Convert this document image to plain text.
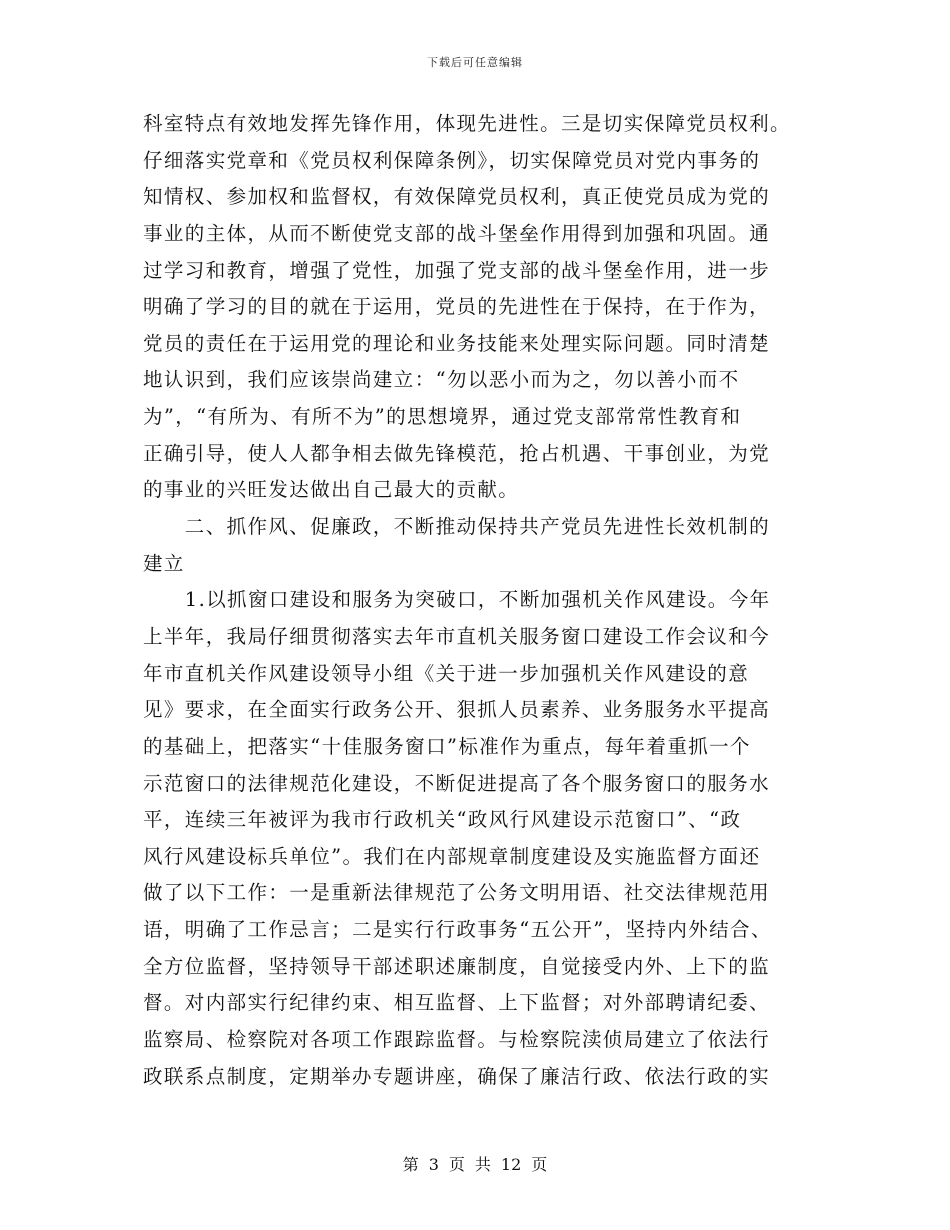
下载后可任意编辑
科室特点有效地发挥先锋作用，体现先进性。三是切实保障党员权利。
仔细落实党章和《党员权利保障条例》，切实保障党员对党内事务的
知情权、参加权和监督权，有效保障党员权利，真正使党员成为党的
事业的主体，从而不断使党支部的战斗堡垒作用得到加强和巩固。通
过学习和教育，增强了党性，加强了党支部的战斗堡垒作用，进一步
明确了学习的目的就在于运用，党员的先进性在于保持，在于作为，
党员的责任在于运用党的理论和业务技能来处理实际问题。同时清楚
地认识到，我们应该崇尚建立：“勿以恶小而为之，勿以善小而不
为”，“有所为、有所不为”的思想境界，通过党支部常常性教育和
正确引导，使人人都争相去做先锋模范，抢占机遇、干事创业，为党
的事业的兴旺发达做出自己最大的贡献。
　　二、抓作风、促廉政，不断推动保持共产党员先进性长效机制的
建立
　　1.以抓窗口建设和服务为突破口，不断加强机关作风建设。今年
上半年，我局仔细贯彻落实去年市直机关服务窗口建设工作会议和今
年市直机关作风建设领导小组《关于进一步加强机关作风建设的意
见》要求，在全面实行政务公开、狠抓人员素养、业务服务水平提高
的基础上，把落实“十佳服务窗口”标准作为重点，每年着重抓一个
示范窗口的法律规范化建设，不断促进提高了各个服务窗口的服务水
平，连续三年被评为我市行政机关“政风行风建设示范窗口”、“政
风行风建设标兵单位”。我们在内部规章制度建设及实施监督方面还
做了以下工作：一是重新法律规范了公务文明用语、社交法律规范用
语，明确了工作忌言；二是实行行政事务“五公开”，坚持内外结合、
全方位监督，坚持领导干部述职述廉制度，自觉接受内外、上下的监
督。对内部实行纪律约束、相互监督、上下监督；对外部聘请纪委、
监察局、检察院对各项工作跟踪监督。与检察院渎侦局建立了依法行
政联系点制度，定期举办专题讲座，确保了廉洁行政、依法行政的实
第 3 页 共 12 页
